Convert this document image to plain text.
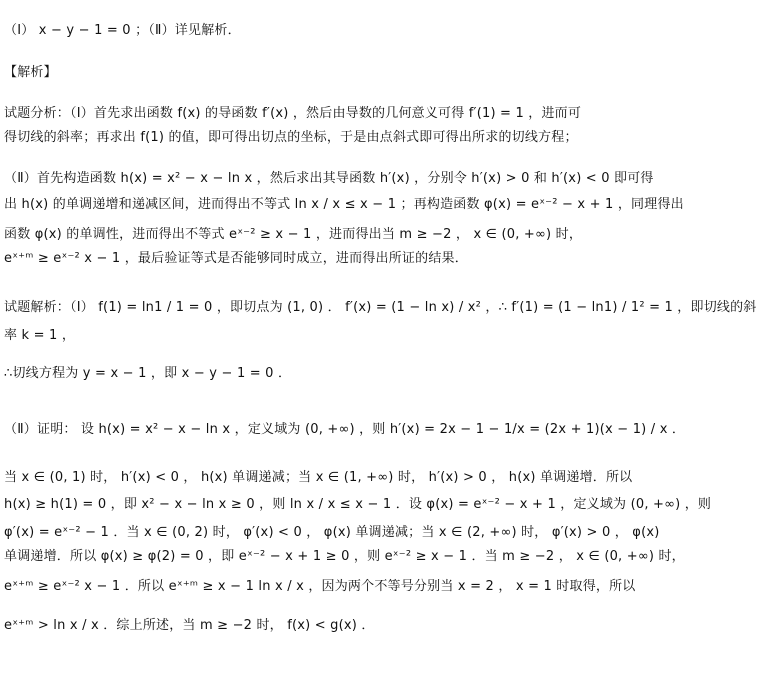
（Ⅰ） x − y − 1 = 0 ；（Ⅱ）详见解析．
【解析】
试题分析：（Ⅰ）首先求出函数 f(x) 的导函数 f′(x) ，然后由导数的几何意义可得 f′(1) = 1 ，进而可
得切线的斜率；再求出 f(1) 的值，即可得出切点的坐标，于是由点斜式即可得出所求的切线方程；
（Ⅱ）首先构造函数 h(x) = x² − x − ln x ，然后求出其导函数 h′(x) ，分别令 h′(x) > 0 和 h′(x) < 0 即可得
出 h(x) 的单调递增和递减区间，进而得出不等式 ln x / x ≤ x − 1 ；再构造函数 φ(x) = eˣ⁻² − x + 1 ，同理得出
函数 φ(x) 的单调性，进而得出不等式 eˣ⁻² ≥ x − 1 ，进而得出当 m ≥ −2 ， x ∈ (0, +∞) 时，
eˣ⁺ᵐ ≥ eˣ⁻² x − 1 ，最后验证等式是否能够同时成立，进而得出所证的结果．
试题解析：（Ⅰ） f(1) = ln1 / 1 = 0 ，即切点为 (1, 0) ． f′(x) = (1 − ln x) / x² ，∴ f′(1) = (1 − ln1) / 1² = 1 ，即切线的斜
率 k = 1 ，
∴切线方程为 y = x − 1 ，即 x − y − 1 = 0 ．
（Ⅱ）证明： 设 h(x) = x² − x − ln x ，定义域为 (0, +∞) ，则 h′(x) = 2x − 1 − 1/x = (2x + 1)(x − 1) / x ．
当 x ∈ (0, 1) 时， h′(x) < 0 ， h(x) 单调递减；当 x ∈ (1, +∞) 时， h′(x) > 0 ， h(x) 单调递增．所以
h(x) ≥ h(1) = 0 ，即 x² − x − ln x ≥ 0 ，则 ln x / x ≤ x − 1 ．设 φ(x) = eˣ⁻² − x + 1 ，定义域为 (0, +∞) ，则
φ′(x) = eˣ⁻² − 1 ．当 x ∈ (0, 2) 时， φ′(x) < 0 ， φ(x) 单调递减；当 x ∈ (2, +∞) 时， φ′(x) > 0 ， φ(x)
单调递增．所以 φ(x) ≥ φ(2) = 0 ，即 eˣ⁻² − x + 1 ≥ 0 ，则 eˣ⁻² ≥ x − 1 ．当 m ≥ −2 ， x ∈ (0, +∞) 时，
eˣ⁺ᵐ ≥ eˣ⁻² x − 1 ．所以 eˣ⁺ᵐ ≥ x − 1 ln x / x ，因为两个不等号分别当 x = 2 ， x = 1 时取得，所以
eˣ⁺ᵐ > ln x / x ．综上所述，当 m ≥ −2 时， f(x) < g(x) ．
